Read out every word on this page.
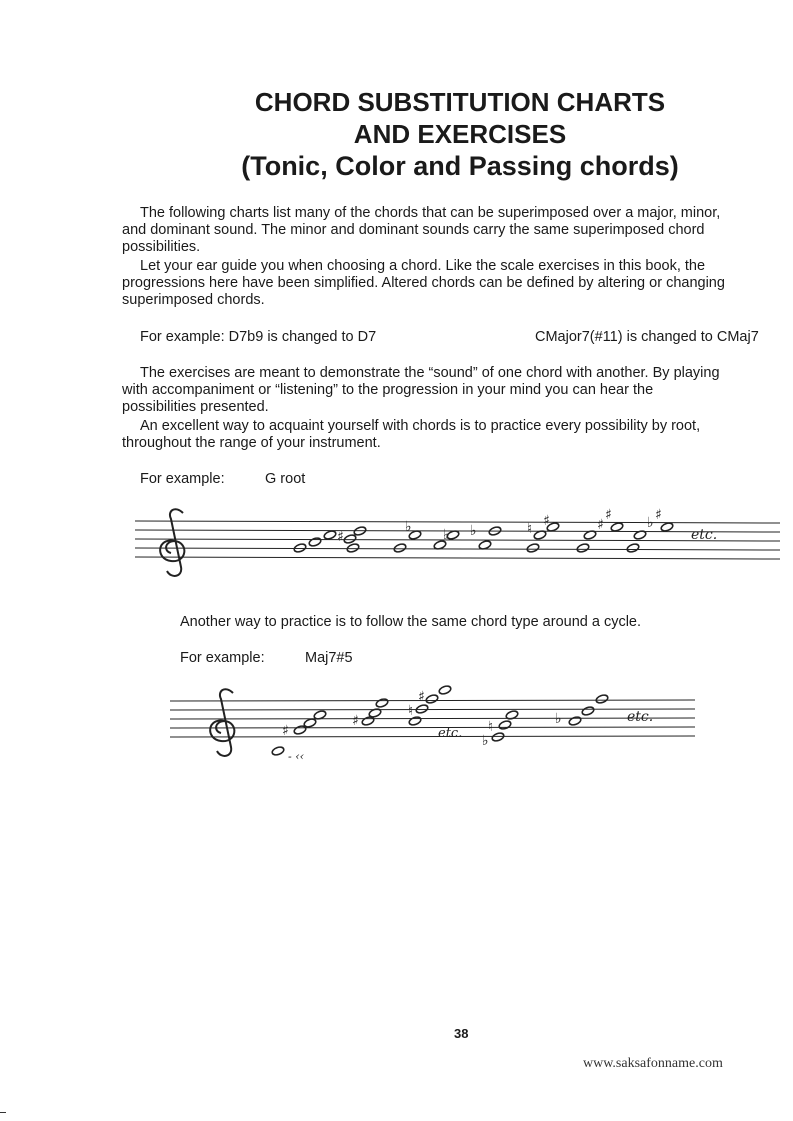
CHORD SUBSTITUTION CHARTS
AND EXERCISES
(Tonic, Color and Passing chords)
The following charts list many of the chords that can be superimposed over a major, minor,
and dominant sound. The minor and dominant sounds carry the same superimposed chord
possibilities.
Let your ear guide you when choosing a chord. Like the scale exercises in this book, the
progressions here have been simplified. Altered chords can be defined by altering or changing
superimposed chords.
For example: D7b9 is changed to D7	CMajor7(#11) is changed to CMaj7
The exercises are meant to demonstrate the “sound” of one chord with another. By playing
with accompaniment or “listening” to the progression in your mind you can hear the
possibilities presented.
An excellent way to acquaint yourself with chords is to practice every possibility by root,
throughout the range of your instrument.
For example:	G root
♯
♭ ♭ ♭	♮ ♯	♯
♯	♭ ♯
etc.
Another way to practice is to follow the same chord type around a cycle.
For example:	Maj7#5
♯
♯
♮
♯
♮
♭
♭
- ‹‹
etc.
etc.
38
www.saksafonname.com
